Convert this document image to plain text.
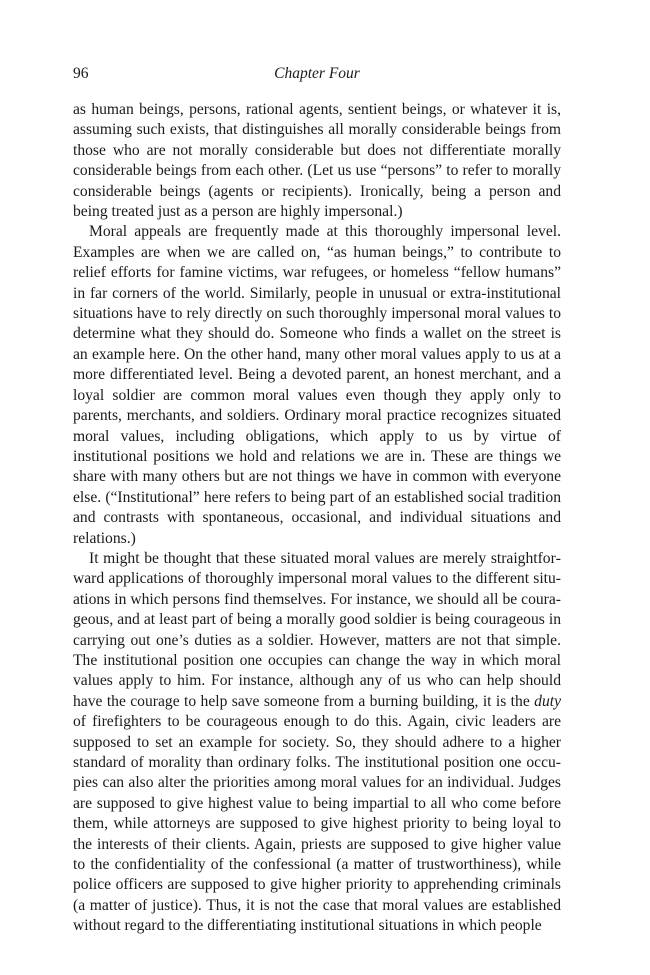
96	Chapter Four

as human beings, persons, rational agents, sentient beings, or whatever it is, assuming such exists, that distinguishes all morally considerable beings from those who are not morally considerable but does not differentiate morally considerable beings from each other. (Let us use “persons” to refer to morally considerable beings (agents or recipients). Ironically, being a person and being treated just as a person are highly impersonal.)

Moral appeals are frequently made at this thoroughly impersonal level. Examples are when we are called on, “as human beings,” to contribute to relief efforts for famine victims, war refugees, or homeless “fellow humans” in far corners of the world. Similarly, people in unusual or extra-institutional situations have to rely directly on such thoroughly impersonal moral values to determine what they should do. Someone who finds a wallet on the street is an example here. On the other hand, many other moral values apply to us at a more differentiated level. Being a devoted parent, an honest merchant, and a loyal soldier are common moral values even though they apply only to parents, merchants, and soldiers. Ordinary moral practice recognizes situated moral values, including obligations, which apply to us by virtue of institutional positions we hold and relations we are in. These are things we share with many others but are not things we have in common with everyone else. (“Institutional” here refers to being part of an established social tradition and contrasts with spontaneous, occasional, and individual situations and relations.)

It might be thought that these situated moral values are merely straightforward applications of thoroughly impersonal moral values to the different situations in which persons find themselves. For instance, we should all be courageous, and at least part of being a morally good soldier is being courageous in carrying out one’s duties as a soldier. However, matters are not that simple. The institutional position one occupies can change the way in which moral values apply to him. For instance, although any of us who can help should have the courage to help save someone from a burning building, it is the duty of firefighters to be courageous enough to do this. Again, civic leaders are supposed to set an example for society. So, they should adhere to a higher standard of morality than ordinary folks. The institutional position one occupies can also alter the priorities among moral values for an individual. Judges are supposed to give highest value to being impartial to all who come before them, while attorneys are supposed to give highest priority to being loyal to the interests of their clients. Again, priests are supposed to give higher value to the confidentiality of the confessional (a matter of trustworthiness), while police officers are supposed to give higher priority to apprehending criminals (a matter of justice). Thus, it is not the case that moral values are established without regard to the differentiating institutional situations in which people
